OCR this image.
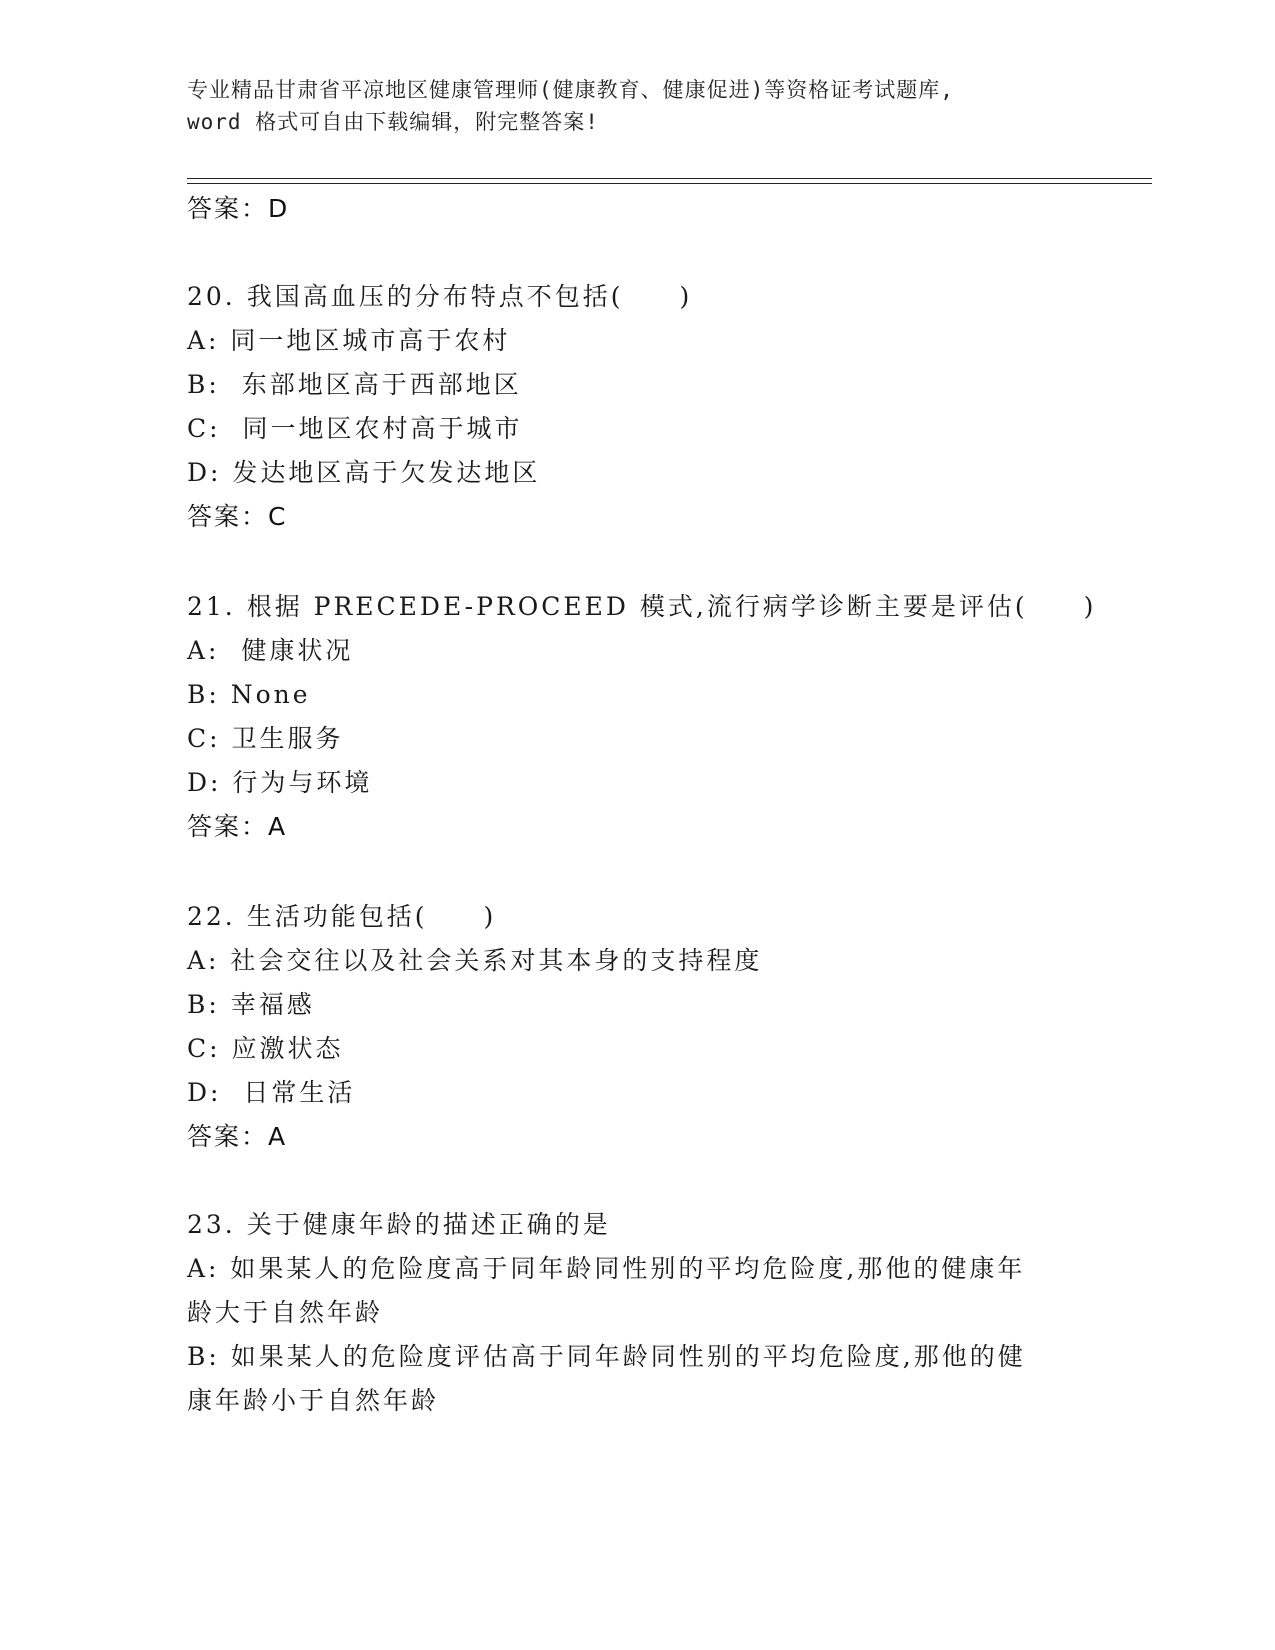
专业精品甘肃省平凉地区健康管理师(健康教育、健康促进)等资格证考试题库,
word 格式可自由下载编辑，附完整答案!
答案：D
20. 我国高血压的分布特点不包括(　　)
A: 同一地区城市高于农村
B:  东部地区高于西部地区
C:  同一地区农村高于城市
D: 发达地区高于欠发达地区
答案：C
21. 根据 PRECEDE-PROCEED 模式,流行病学诊断主要是评估(　　)
A:  健康状况
B: None
C: 卫生服务
D: 行为与环境
答案：A
22. 生活功能包括(　　)
A: 社会交往以及社会关系对其本身的支持程度
B: 幸福感
C: 应激状态
D:  日常生活
答案：A
23. 关于健康年龄的描述正确的是
A: 如果某人的危险度高于同年龄同性别的平均危险度,那他的健康年
龄大于自然年龄
B: 如果某人的危险度评估高于同年龄同性别的平均危险度,那他的健
康年龄小于自然年龄
